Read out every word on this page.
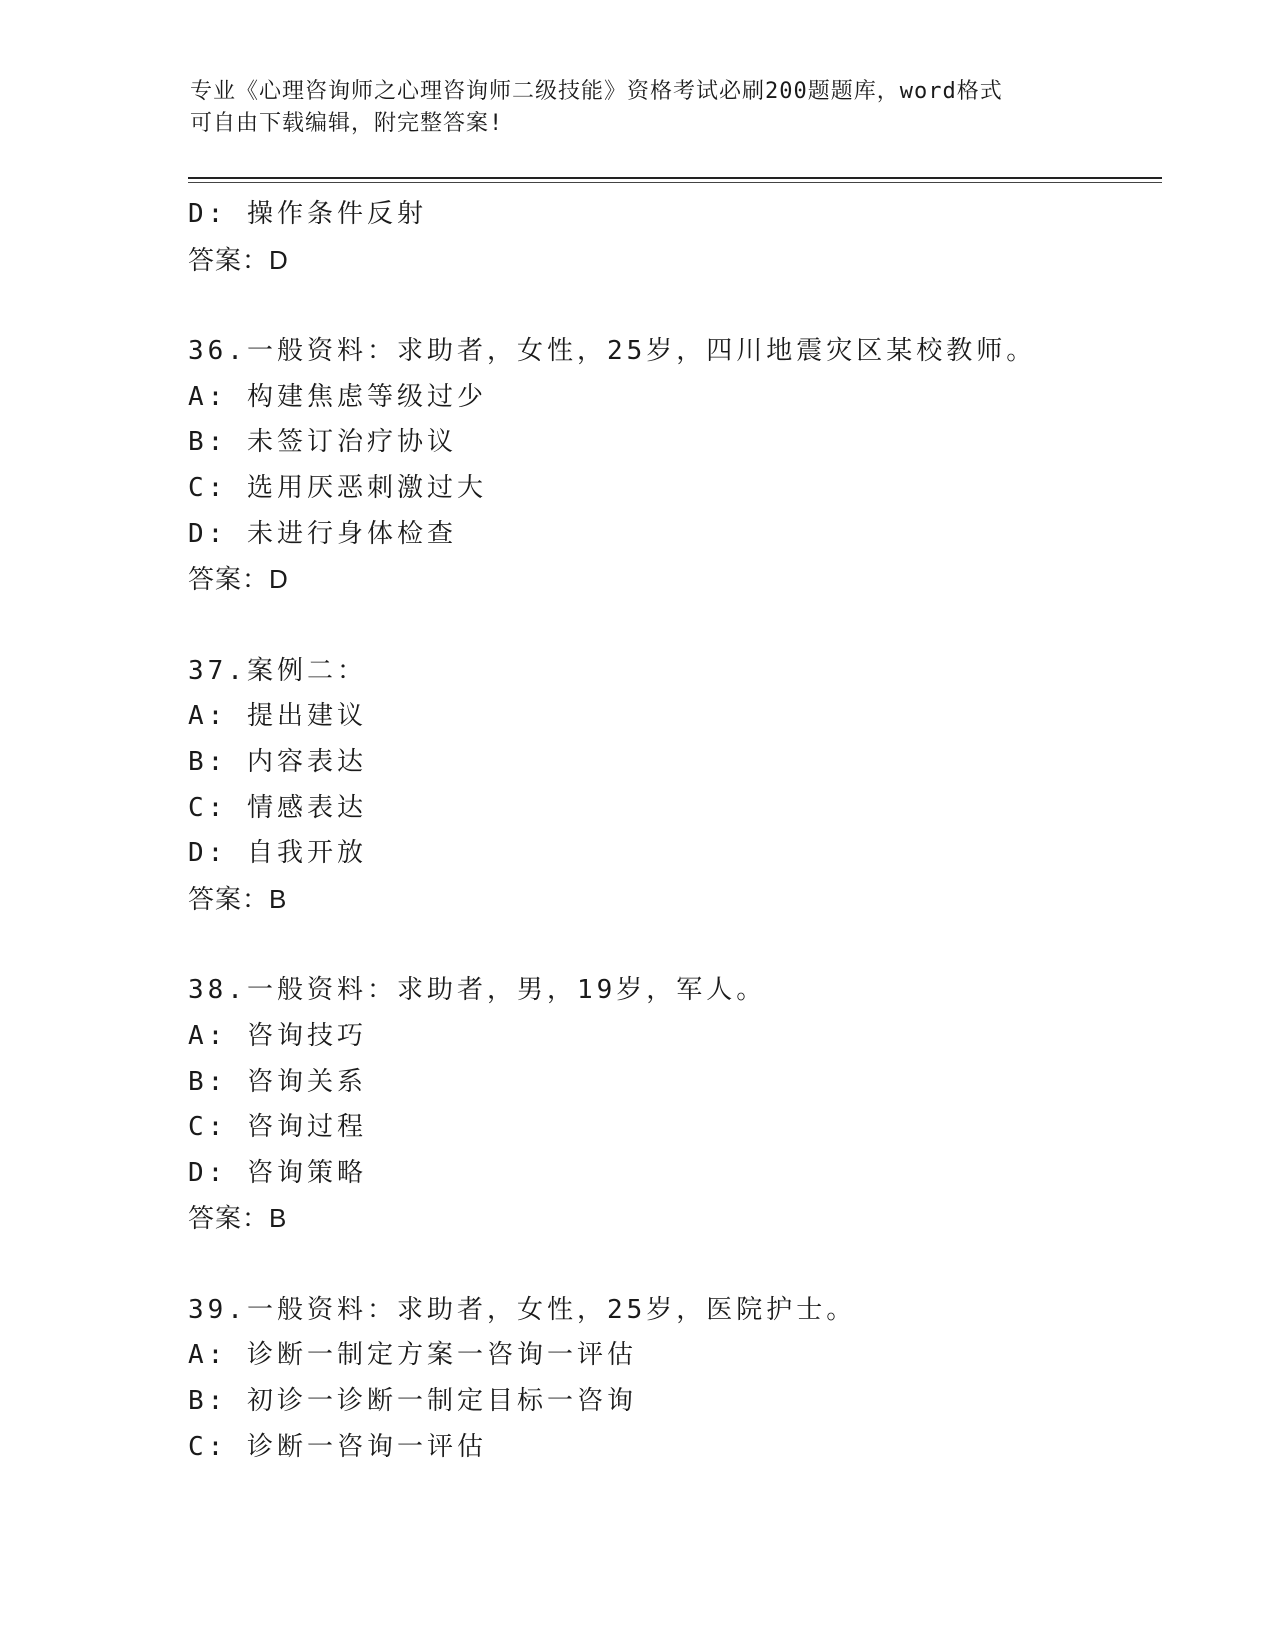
专业《心理咨询师之心理咨询师二级技能》资格考试必刷200题题库，word格式
可自由下载编辑，附完整答案!
D: 操作条件反射
答案：D
36.一般资料：求助者，女性，25岁，四川地震灾区某校教师。
A: 构建焦虑等级过少
B: 未签订治疗协议
C: 选用厌恶刺激过大
D: 未进行身体检查
答案：D
37.案例二：
A: 提出建议
B: 内容表达
C: 情感表达
D: 自我开放
答案：B
38.一般资料：求助者，男，19岁，军人。
A: 咨询技巧
B: 咨询关系
C: 咨询过程
D: 咨询策略
答案：B
39.一般资料：求助者，女性，25岁，医院护士。
A: 诊断一制定方案一咨询一评估
B: 初诊一诊断一制定目标一咨询
C: 诊断一咨询一评估
